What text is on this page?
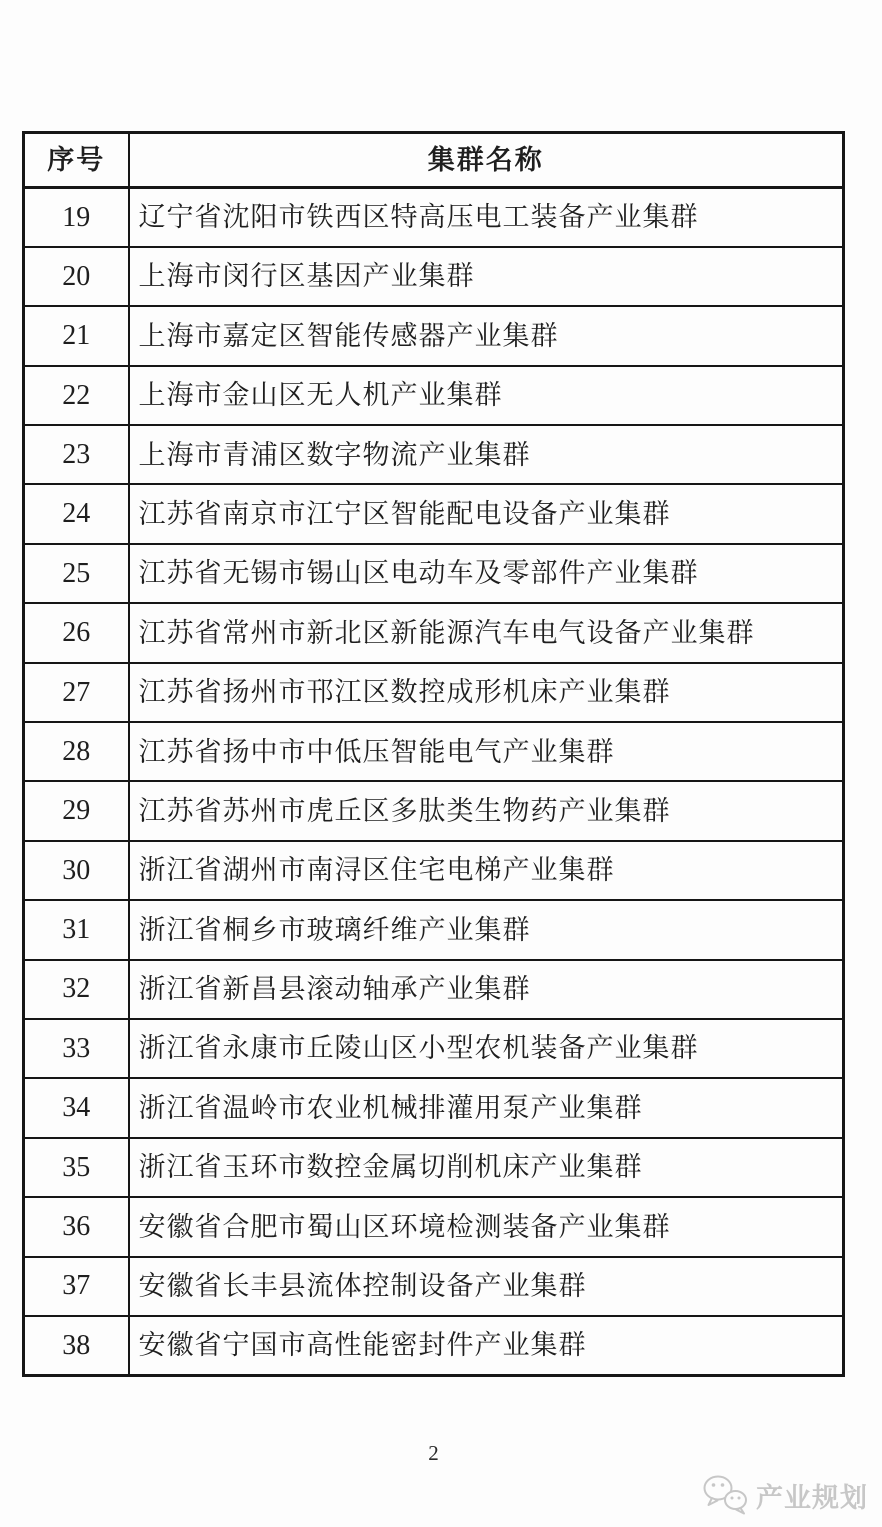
序号	集群名称
19	辽宁省沈阳市铁西区特高压电工装备产业集群
20	上海市闵行区基因产业集群
21	上海市嘉定区智能传感器产业集群
22	上海市金山区无人机产业集群
23	上海市青浦区数字物流产业集群
24	江苏省南京市江宁区智能配电设备产业集群
25	江苏省无锡市锡山区电动车及零部件产业集群
26	江苏省常州市新北区新能源汽车电气设备产业集群
27	江苏省扬州市邗江区数控成形机床产业集群
28	江苏省扬中市中低压智能电气产业集群
29	江苏省苏州市虎丘区多肽类生物药产业集群
30	浙江省湖州市南浔区住宅电梯产业集群
31	浙江省桐乡市玻璃纤维产业集群
32	浙江省新昌县滚动轴承产业集群
33	浙江省永康市丘陵山区小型农机装备产业集群
34	浙江省温岭市农业机械排灌用泵产业集群
35	浙江省玉环市数控金属切削机床产业集群
36	安徽省合肥市蜀山区环境检测装备产业集群
37	安徽省长丰县流体控制设备产业集群
38	安徽省宁国市高性能密封件产业集群
2
产业规划
